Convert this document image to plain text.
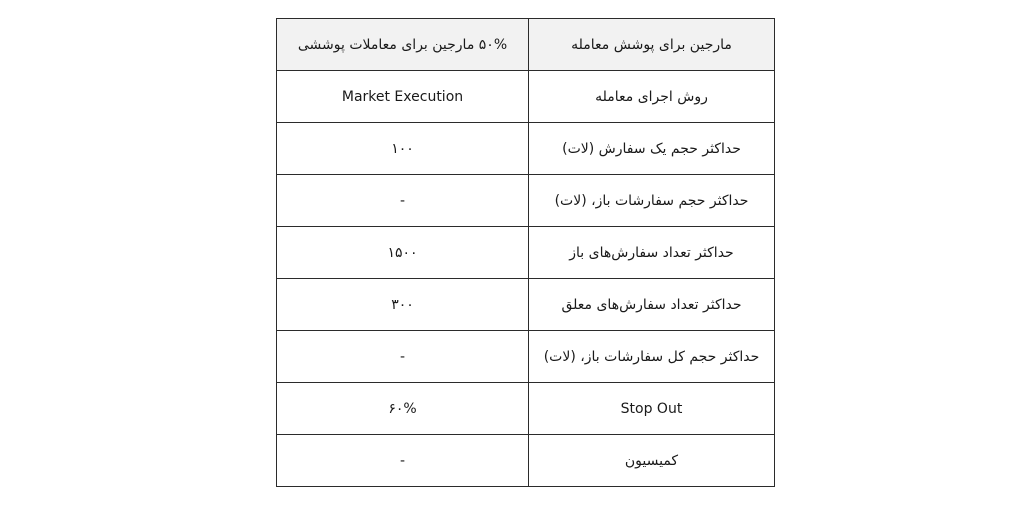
مارجین برای پوشش معامله	۵۰% مارجین برای معاملات پوششی
روش اجرای معامله	Market Execution
حداکثر حجم یک سفارش (لات)	۱۰۰
حداکثر حجم سفارشات باز، (لات)	-
حداکثر تعداد سفارش‌های باز	۱۵۰۰
حداکثر تعداد سفارش‌های معلق	۳۰۰
حداکثر حجم کل سفارشات باز، (لات)	-
Stop Out	۶۰%
کمیسیون	-
